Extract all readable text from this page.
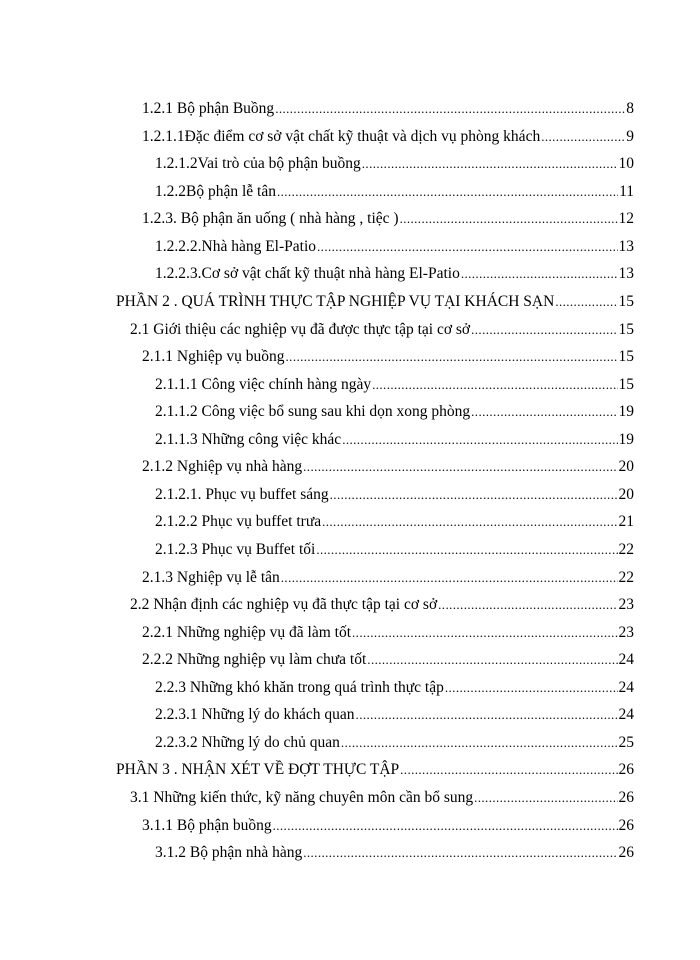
1.2.1 Bộ phận Buồng .....	8
1.2.1.1Đặc điểm cơ sở vật chất kỹ thuật và dịch vụ phòng khách .....	9
1.2.1.2Vai trò của bộ phận buồng .....	10
1.2.2Bộ phận lễ tân .....	11
1.2.3. Bộ phận ăn uống ( nhà hàng , tiệc ) .....	12
1.2.2.2.Nhà hàng El-Patio .....	13
1.2.2.3.Cơ sở vật chất kỹ thuật nhà hàng El-Patio .....	13
PHẦN 2 . QUÁ TRÌNH THỰC TẬP NGHIỆP VỤ TẠI KHÁCH SẠN .....	15
2.1 Giới thiệu các nghiệp vụ đã được thực tập tại cơ sở .....	15
2.1.1 Nghiệp vụ buồng .....	15
2.1.1.1 Công việc chính hàng ngày .....	15
2.1.1.2 Công việc bổ sung sau khi dọn xong phòng .....	19
2.1.1.3 Những công việc khác .....	19
2.1.2 Nghiệp vụ nhà hàng .....	20
2.1.2.1. Phục vụ buffet sáng .....	20
2.1.2.2 Phục vụ buffet trưa .....	21
2.1.2.3 Phục vụ Buffet tối .....	22
2.1.3 Nghiệp vụ lễ tân .....	22
2.2 Nhận định các nghiệp vụ đã thực tập tại cơ sở .....	23
2.2.1 Những nghiệp vụ đã làm tốt .....	23
2.2.2 Những nghiệp vụ làm chưa tốt .....	24
2.2.3 Những khó khăn trong quá trình thực tập .....	24
2.2.3.1 Những lý do khách quan .....	24
2.2.3.2 Những lý do chủ quan .....	25
PHẦN 3 . NHẬN XÉT VỀ ĐỢT THỰC TẬP .....	26
3.1 Những kiến thức, kỹ năng chuyên môn cần bổ sung .....	26
3.1.1 Bộ phận buồng .....	26
3.1.2 Bộ phận nhà hàng .....	26
